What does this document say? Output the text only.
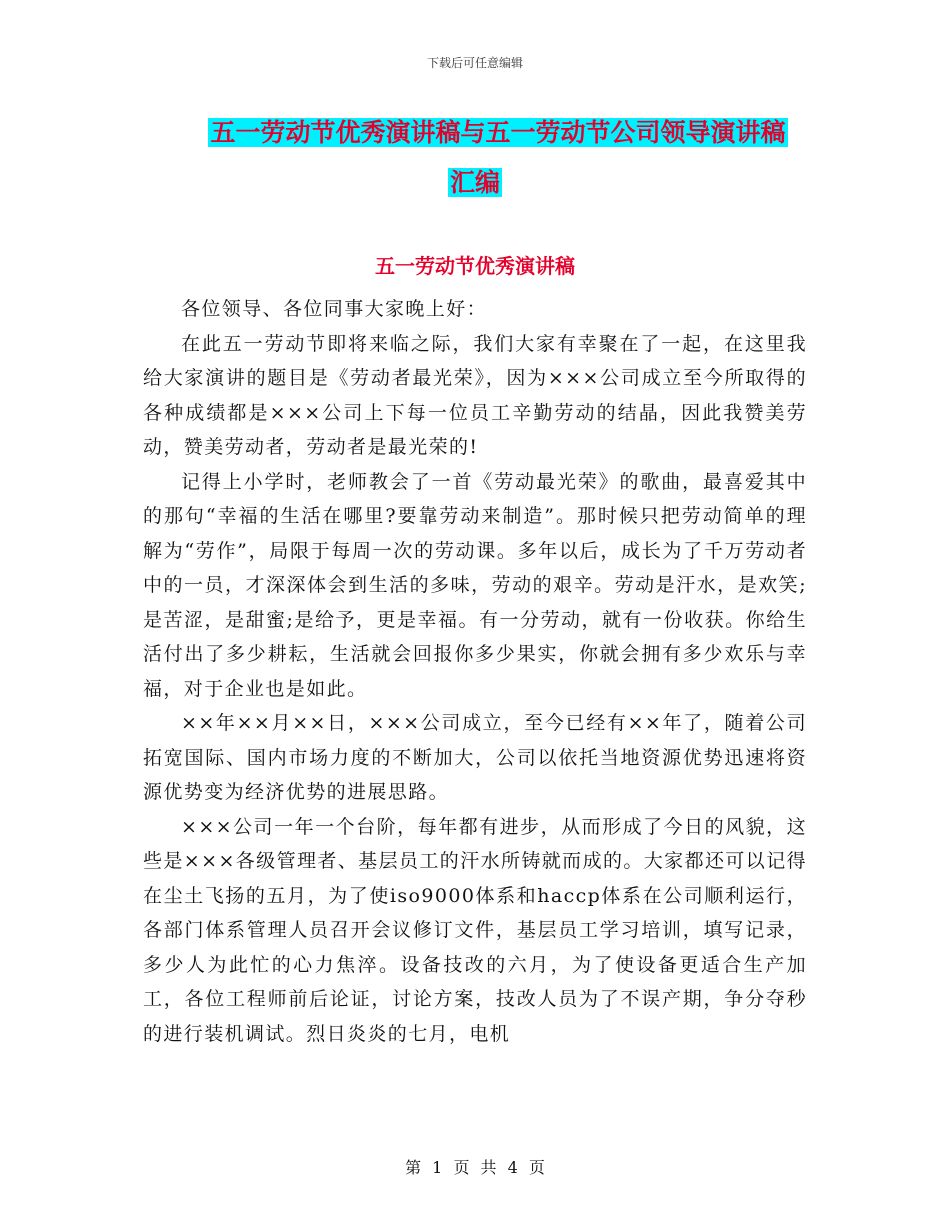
下载后可任意编辑
五一劳动节优秀演讲稿与五一劳动节公司领导演讲稿
汇编
五一劳动节优秀演讲稿

各位领导、各位同事大家晚上好：

在此五一劳动节即将来临之际，我们大家有幸聚在了一起，在这里我给大家演讲的题目是《劳动者最光荣》，因为×××公司成立至今所取得的各种成绩都是×××公司上下每一位员工辛勤劳动的结晶，因此我赞美劳动，赞美劳动者，劳动者是最光荣的!

记得上小学时，老师教会了一首《劳动最光荣》的歌曲，最喜爱其中的那句“幸福的生活在哪里?要靠劳动来制造”。那时候只把劳动简单的理解为“劳作”，局限于每周一次的劳动课。多年以后，成长为了千万劳动者中的一员，才深深体会到生活的多味，劳动的艰辛。劳动是汗水，是欢笑;是苦涩，是甜蜜;是给予，更是幸福。有一分劳动，就有一份收获。你给生活付出了多少耕耘，生活就会回报你多少果实，你就会拥有多少欢乐与幸福，对于企业也是如此。

××年××月××日，×××公司成立，至今已经有××年了，随着公司拓宽国际、国内市场力度的不断加大，公司以依托当地资源优势迅速将资源优势变为经济优势的进展思路。

×××公司一年一个台阶，每年都有进步，从而形成了今日的风貌，这些是×××各级管理者、基层员工的汗水所铸就而成的。大家都还可以记得在尘土飞扬的五月，为了使iso9000体系和haccp体系在公司顺利运行，各部门体系管理人员召开会议修订文件，基层员工学习培训，填写记录，多少人为此忙的心力焦淬。设备技改的六月，为了使设备更适合生产加工，各位工程师前后论证，讨论方案，技改人员为了不误产期，争分夺秒的进行装机调试。烈日炎炎的七月，电机

第 1 页 共 4 页
